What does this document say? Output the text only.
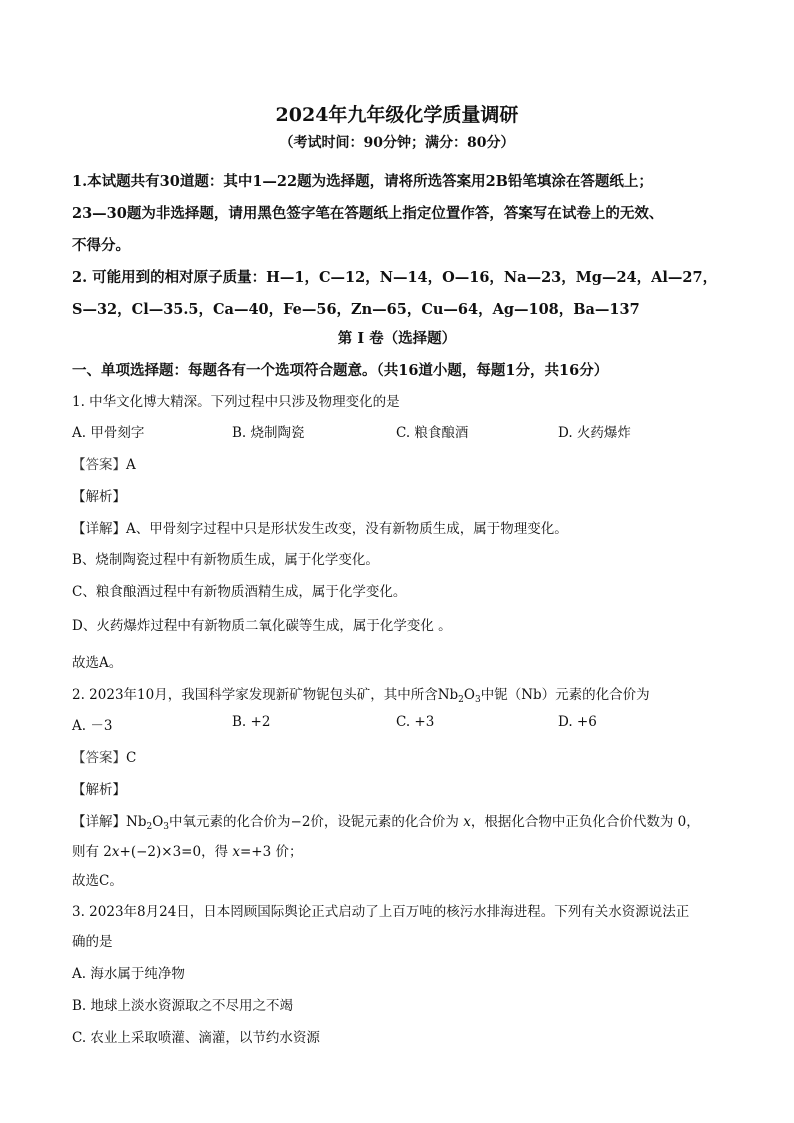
2024年九年级化学质量调研
（考试时间：90分钟；满分：80分）
1.本试题共有30道题：其中1—22题为选择题，请将所选答案用2B铅笔填涂在答题纸上；
23—30题为非选择题，请用黑色签字笔在答题纸上指定位置作答，答案写在试卷上的无效、
不得分。
2. 可能用到的相对原子质量：H—1，C—12，N—14，O—16，Na—23，Mg—24，Al—27，
S—32，Cl—35.5，Ca—40，Fe—56，Zn—65，Cu—64，Ag—108，Ba—137
第 Ⅰ 卷（选择题）
一、单项选择题：每题各有一个选项符合题意。（共16道小题，每题1分，共16分）
1. 中华文化博大精深。下列过程中只涉及物理变化的是
A. 甲骨刻字	B. 烧制陶瓷	C. 粮食酿酒	D. 火药爆炸
【答案】A
【解析】
【详解】A、甲骨刻字过程中只是形状发生改变，没有新物质生成，属于物理变化。
B、烧制陶瓷过程中有新物质生成，属于化学变化。
C、粮食酿酒过程中有新物质酒精生成，属于化学变化。
D、火药爆炸过程中有新物质二氧化碳等生成，属于化学变化 。
故选A。
2. 2023年10月，我国科学家发现新矿物铌包头矿，其中所含$Nb_2O_3$中铌（Nb）元素的化合价为
A. －3	B. +2	C. +3	D. +6
【答案】C
【解析】
【详解】$Nb_2O_3$中氧元素的化合价为−2价，设铌元素的化合价为 x，根据化合物中正负化合价代数为 0，
则有 2x+(−2)×3=0，得 x=+3 价；
故选C。
3. 2023年8月24日，日本罔顾国际舆论正式启动了上百万吨的核污水排海进程。下列有关水资源说法正
确的是
A. 海水属于纯净物
B. 地球上淡水资源取之不尽用之不竭
C. 农业上采取喷灌、滴灌，以节约水资源
